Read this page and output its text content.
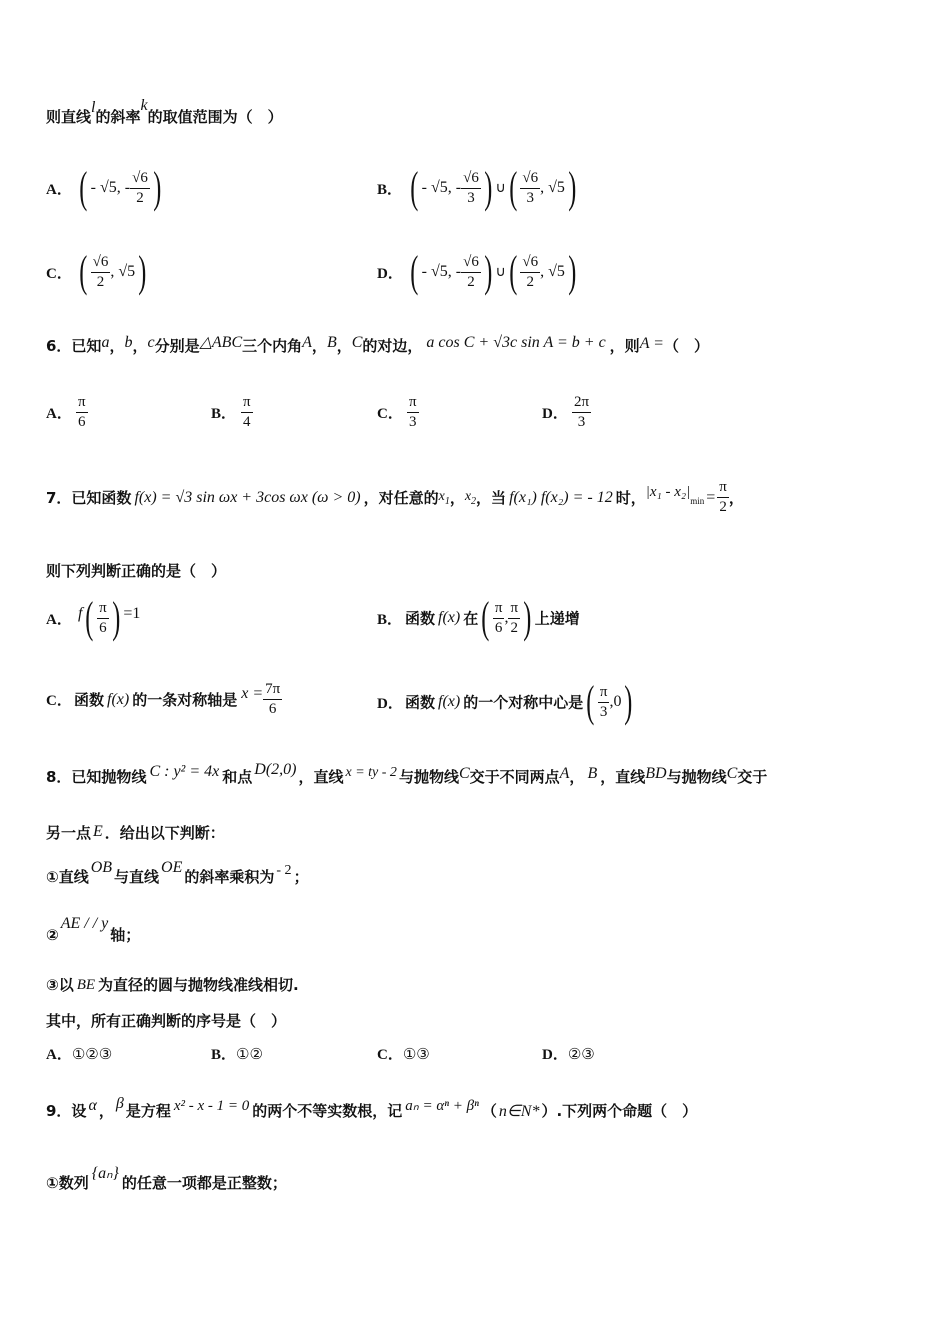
则直线l的斜率k的取值范围为（　）
A． ( - √5, - $\frac{√6}{2}$ )	B． ( - √5, - $\frac{√6}{3}$ ) ∪( $\frac{√6}{3}$ , √5)
C． ( $\frac{√6}{2}$ , √5)	D． ( - √5, - $\frac{√6}{2}$ ) ∪( $\frac{√6}{2}$ , √5)
6．已知a，b，c分别是△ABC三个内角A，B，C的对边， a cos C + √3c sin A = b + c ，则A =（　）
A． $\frac{\pi}{6}$	B． $\frac{\pi}{4}$	C． $\frac{\pi}{3}$	D． $\frac{2\pi}{3}$
7．已知函数 f(x) = √3 sin ωx + 3cos ωx (ω > 0) ，对任意的$x_1$，$x_2$，当 f(x₁) f(x₂) = - 12 时，$|x_1 - x_2|_{min} = \frac{\pi}{2}$ ，
则下列判断正确的是（　）
A． $f( \frac{\pi}{6}$ ) =1	B． 函数 f(x) 在( $\frac{\pi}{6}$ , $\frac{\pi}{2}$ ) 上递增
C． 函数 f(x) 的一条对称轴是 $x = \frac{7\pi}{6}$	D． 函数 f(x) 的一个对称中心是( $\frac{\pi}{3} ,0$)
8．已知抛物线 C : y² = 4x 和点 D(2,0) ，直线 x = ty - 2 与抛物线C交于不同两点A， B ，直线BD与抛物线C交于
另一点 E ．给出以下判断：
①直线OB与直线OE的斜率乘积为 - 2 ；
②AE / / y轴；
③以 BE 为直径的圆与抛物线准线相切.
其中，所有正确判断的序号是（　）
A．①②③	B．①②	C．①③	D．②③
9．设 α ， β 是方程 x² - x - 1 = 0 的两个不等实数根，记 aₙ = αⁿ + βⁿ （ n∈N* ）.下列两个命题（　）
①数列{aₙ}的任意一项都是正整数；
